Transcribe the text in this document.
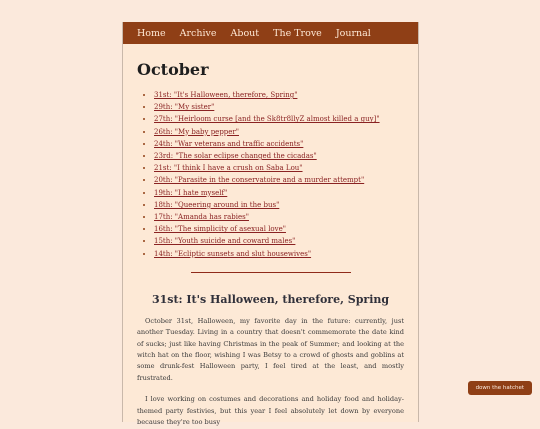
Home Archive About The Trove Journal
October
• 31st: "It's Halloween, therefore, Spring"
• 29th: "My sister"
• 27th: "Heirloom curse [and the Sk8tr8llyZ almost killed a guy]"
• 26th: "My baby pepper"
• 24th: "War veterans and traffic accidents"
• 23rd: "The solar eclipse changed the cicadas"
• 21st: "I think I have a crush on Saba Lou"
• 20th: "Parasite in the conservatoire and a murder attempt"
• 19th: "I hate myself"
• 18th: "Queering around in the bus"
• 17th: "Amanda has rabies"
• 16th: "The simplicity of asexual love"
• 15th: "Youth suicide and coward males"
• 14th: "Ecliptic sunsets and slut housewives"
31st: It's Halloween, therefore, Spring

October 31st, Halloween, my favorite day in the future: currently, just another Tuesday. Living in a country that doesn't commemorate the date kind of sucks; just like having Christmas in the peak of Summer; and looking at the witch hat on the floor, wishing I was Betsy to a crowd of ghosts and goblins at some drunk-fest Halloween party, I feel tired at the least, and mostly frustrated.

I love working on costumes and decorations and holiday food and holiday-themed party festivies, but this year I feel absolutely let down by everyone because they're too busy

down the hatchet
